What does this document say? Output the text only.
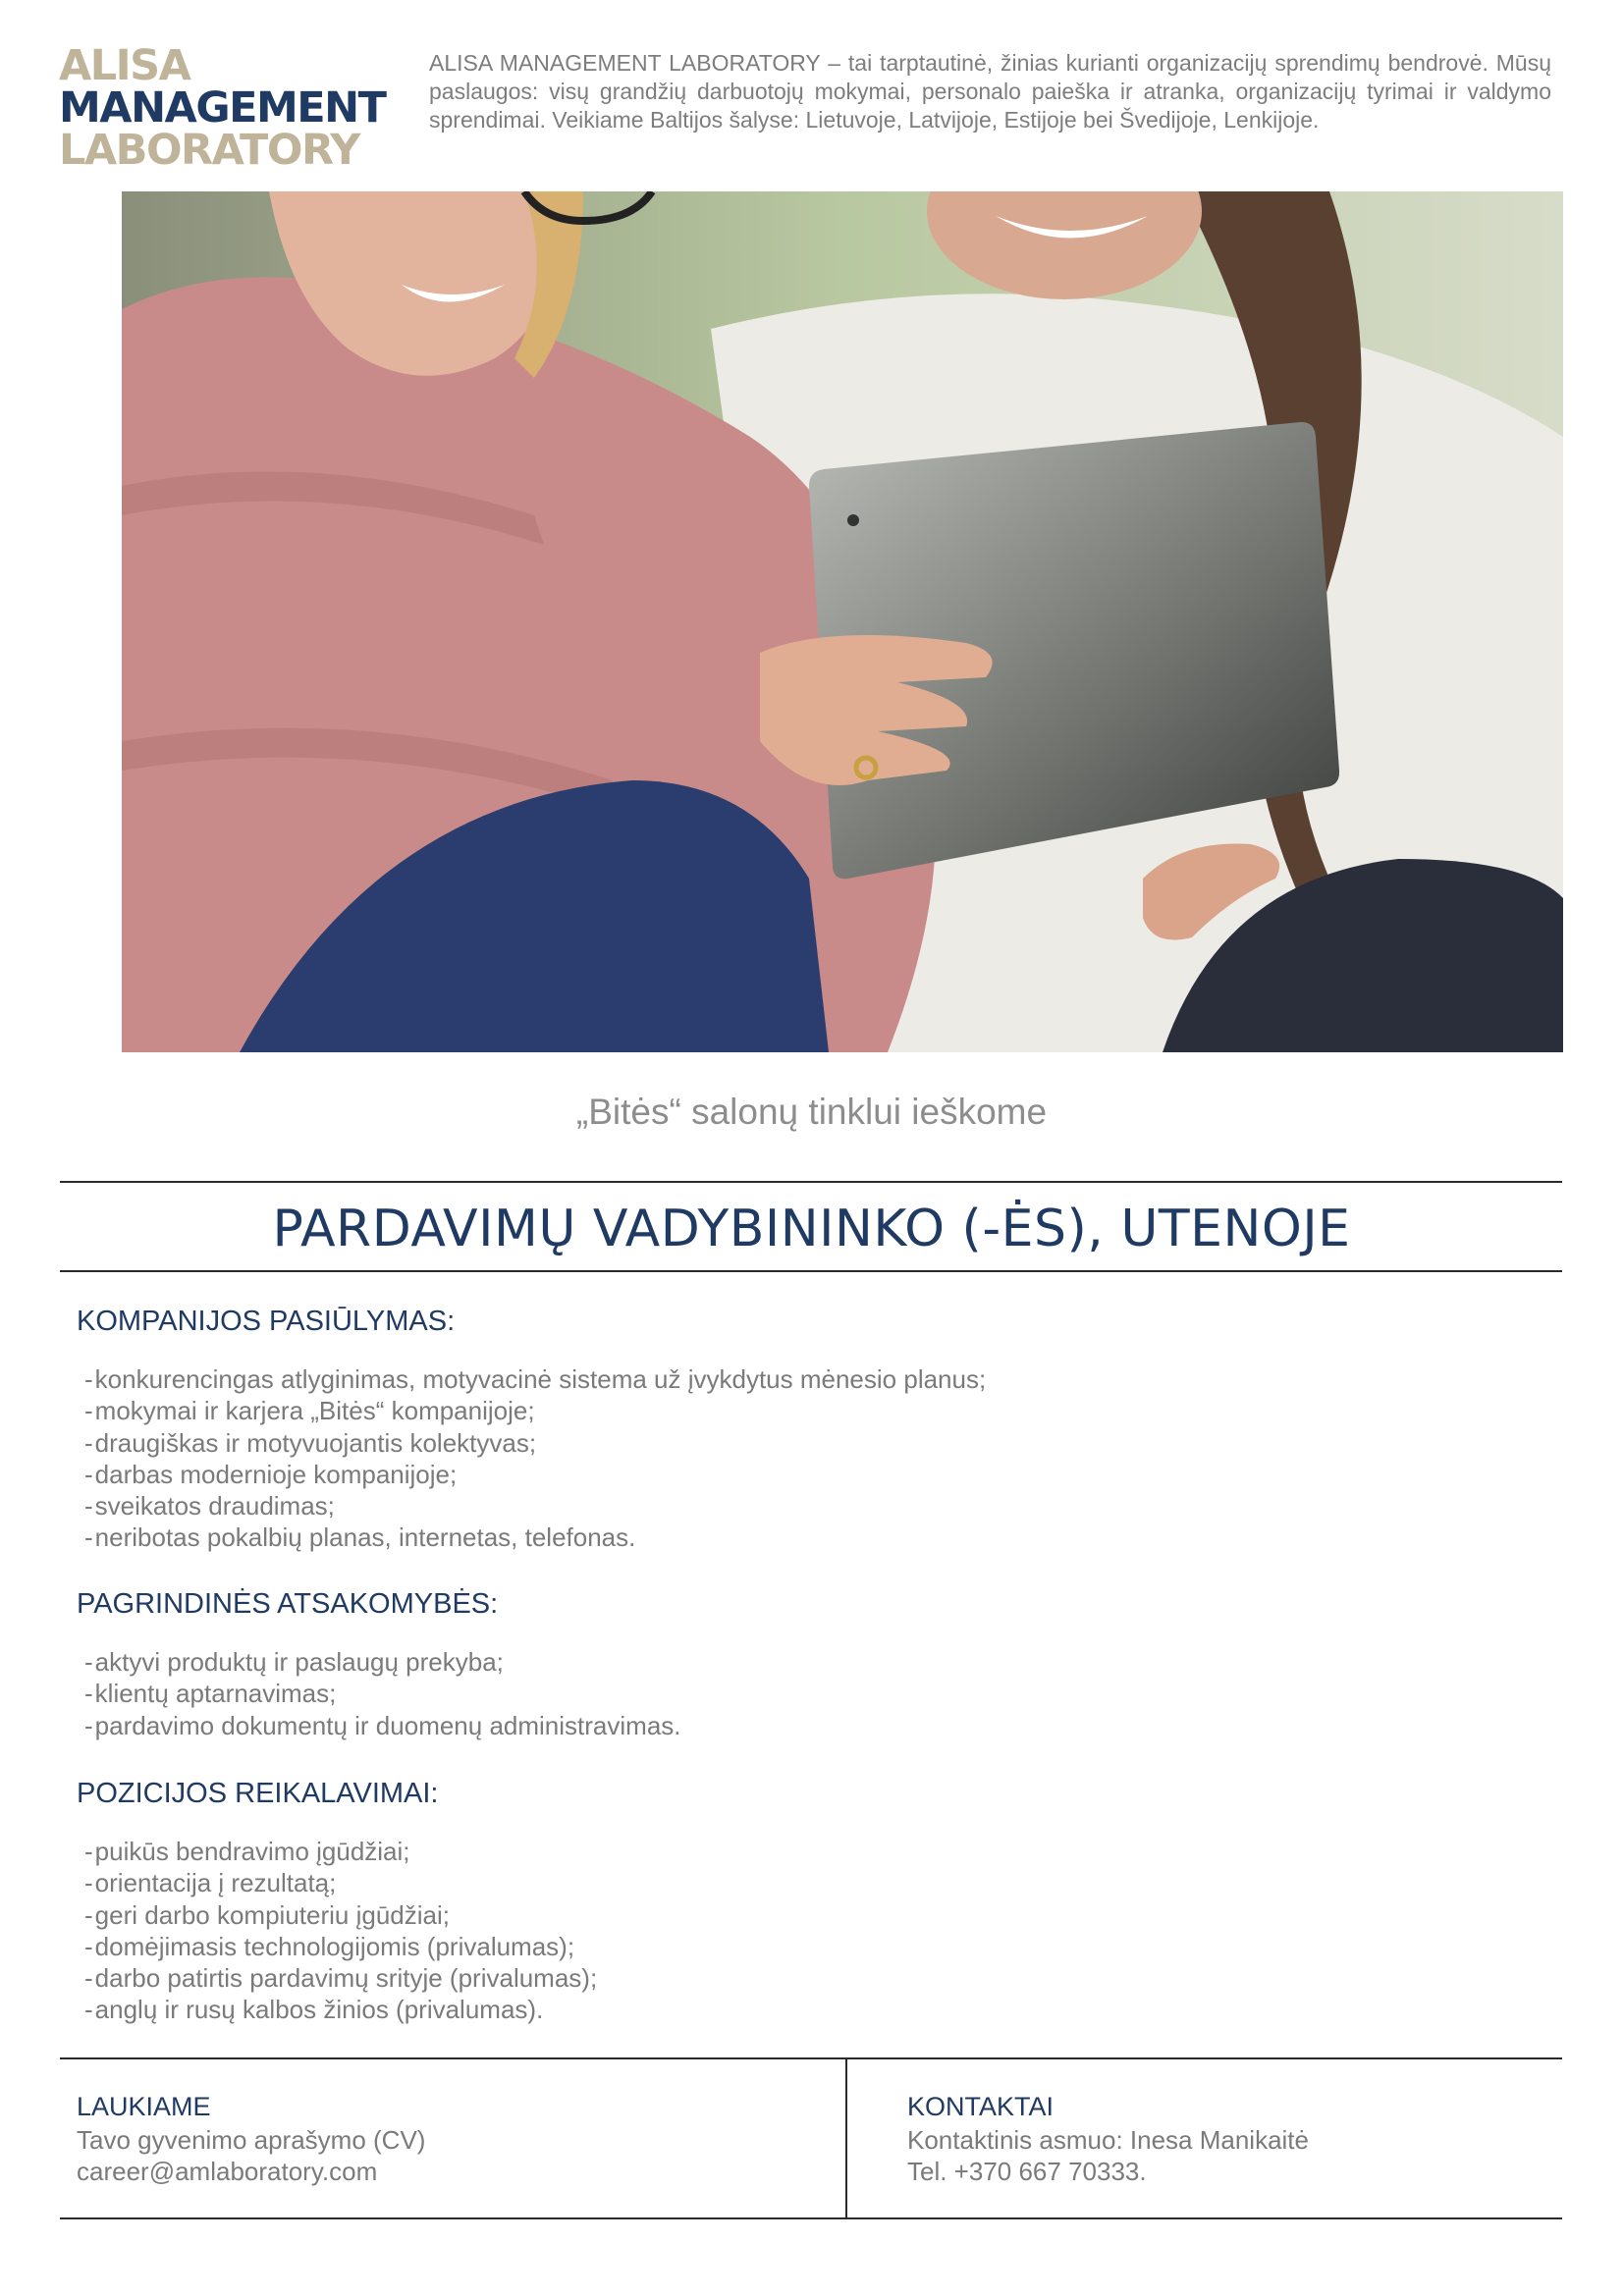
ALISA
MANAGEMENT
LABORATORY
ALISA MANAGEMENT LABORATORY – tai tarptautinė, žinias kurianti organizacijų sprendimų bendrovė. Mūsų paslaugos: visų grandžių darbuotojų mokymai, personalo paieška ir atranka, organizacijų tyrimai ir valdymo sprendimai. Veikiame Baltijos šalyse: Lietuvoje, Latvijoje, Estijoje bei Švedijoje, Lenkijoje.
„Bitės“ salonų tinklui ieškome
PARDAVIMŲ VADYBININKO (-ĖS), UTENOJE
KOMPANIJOS PASIŪLYMAS:
- konkurencingas atlyginimas, motyvacinė sistema už įvykdytus mėnesio planus;
- mokymai ir karjera „Bitės“ kompanijoje;
- draugiškas ir motyvuojantis kolektyvas;
- darbas modernioje kompanijoje;
- sveikatos draudimas;
- neribotas pokalbių planas, internetas, telefonas.
PAGRINDINĖS ATSAKOMYBĖS:
- aktyvi produktų ir paslaugų prekyba;
- klientų aptarnavimas;
- pardavimo dokumentų ir duomenų administravimas.
POZICIJOS REIKALAVIMAI:
- puikūs bendravimo įgūdžiai;
- orientacija į rezultatą;
- geri darbo kompiuteriu įgūdžiai;
- domėjimasis technologijomis (privalumas);
- darbo patirtis pardavimų srityje (privalumas);
- anglų ir rusų kalbos žinios (privalumas).
LAUKIAME
Tavo gyvenimo aprašymo (CV)
career@amlaboratory.com
KONTAKTAI
Kontaktinis asmuo: Inesa Manikaitė
Tel. +370 667 70333.
